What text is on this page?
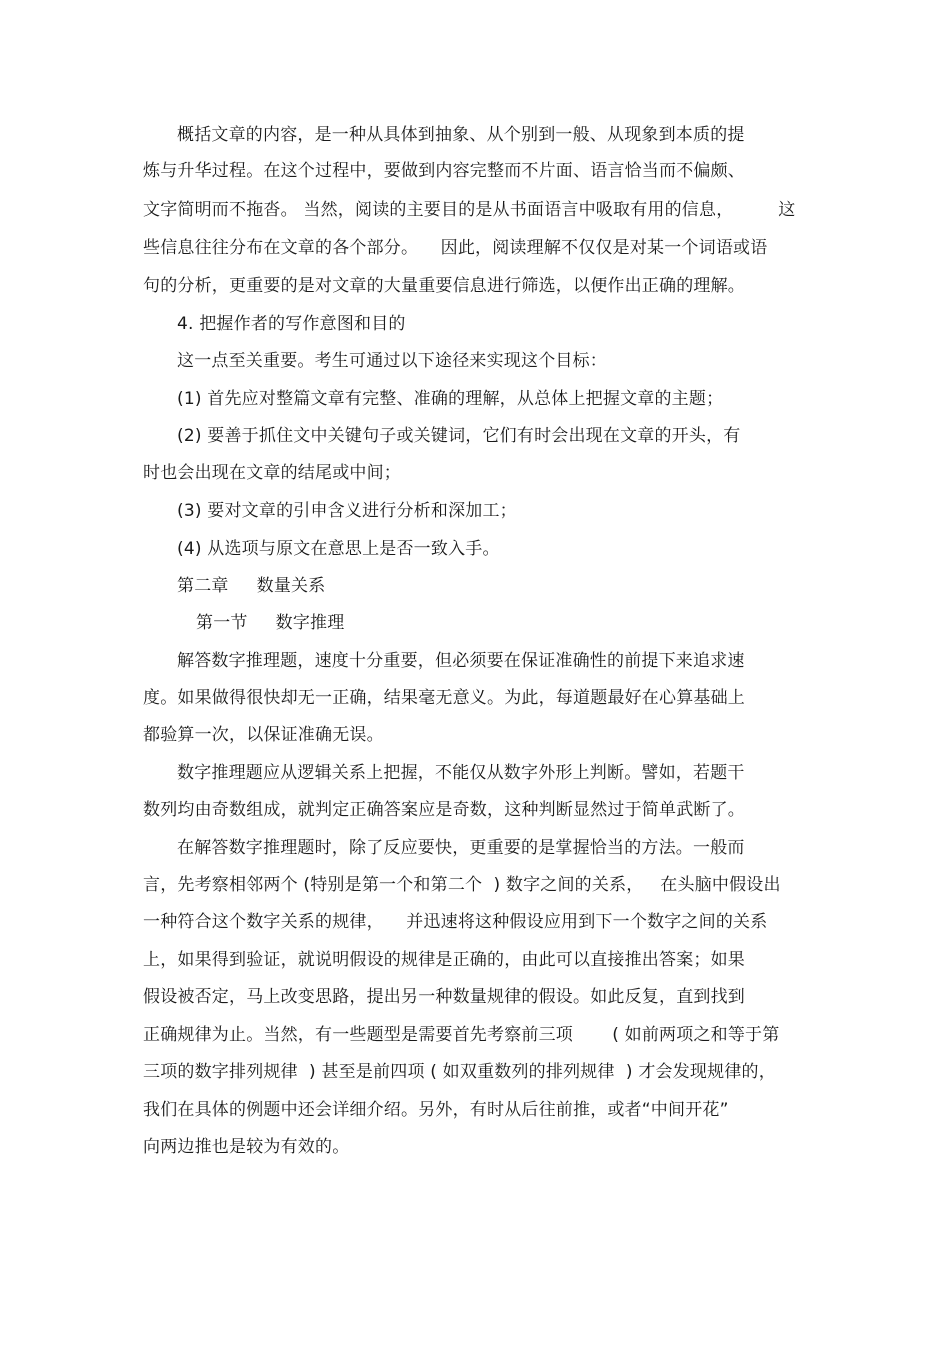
概括文章的内容，是一种从具体到抽象、从个别到一般、从现象到本质的提
炼与升华过程。在这个过程中，要做到内容完整而不片面、语言恰当而不偏颇、
文字简明而不拖沓。 当然，阅读的主要目的是从书面语言中吸取有用的信息，        这
些信息往往分布在文章的各个部分。    因此，阅读理解不仅仅是对某一个词语或语
句的分析，更重要的是对文章的大量重要信息进行筛选，以便作出正确的理解。
4. 把握作者的写作意图和目的
这一点至关重要。考生可通过以下途径来实现这个目标：
(1) 首先应对整篇文章有完整、准确的理解，从总体上把握文章的主题；
(2) 要善于抓住文中关键句子或关键词，它们有时会出现在文章的开头，有
时也会出现在文章的结尾或中间；
(3) 要对文章的引申含义进行分析和深加工；
(4) 从选项与原文在意思上是否一致入手。
第二章     数量关系
第一节     数字推理
解答数字推理题，速度十分重要，但必须要在保证准确性的前提下来追求速
度。如果做得很快却无一正确，结果毫无意义。为此，每道题最好在心算基础上
都验算一次，以保证准确无误。
数字推理题应从逻辑关系上把握，不能仅从数字外形上判断。譬如，若题干
数列均由奇数组成，就判定正确答案应是奇数，这种判断显然过于简单武断了。
在解答数字推理题时，除了反应要快，更重要的是掌握恰当的方法。一般而
言，先考察相邻两个 (特别是第一个和第二个  ) 数字之间的关系，   在头脑中假设出
一种符合这个数字关系的规律，    并迅速将这种假设应用到下一个数字之间的关系
上，如果得到验证，就说明假设的规律是正确的，由此可以直接推出答案；如果
假设被否定，马上改变思路，提出另一种数量规律的假设。如此反复，直到找到
正确规律为止。当然，有一些题型是需要首先考察前三项       ( 如前两项之和等于第
三项的数字排列规律  ) 甚至是前四项 ( 如双重数列的排列规律  ) 才会发现规律的，
我们在具体的例题中还会详细介绍。另外，有时从后往前推，或者“中间开花”
向两边推也是较为有效的。
